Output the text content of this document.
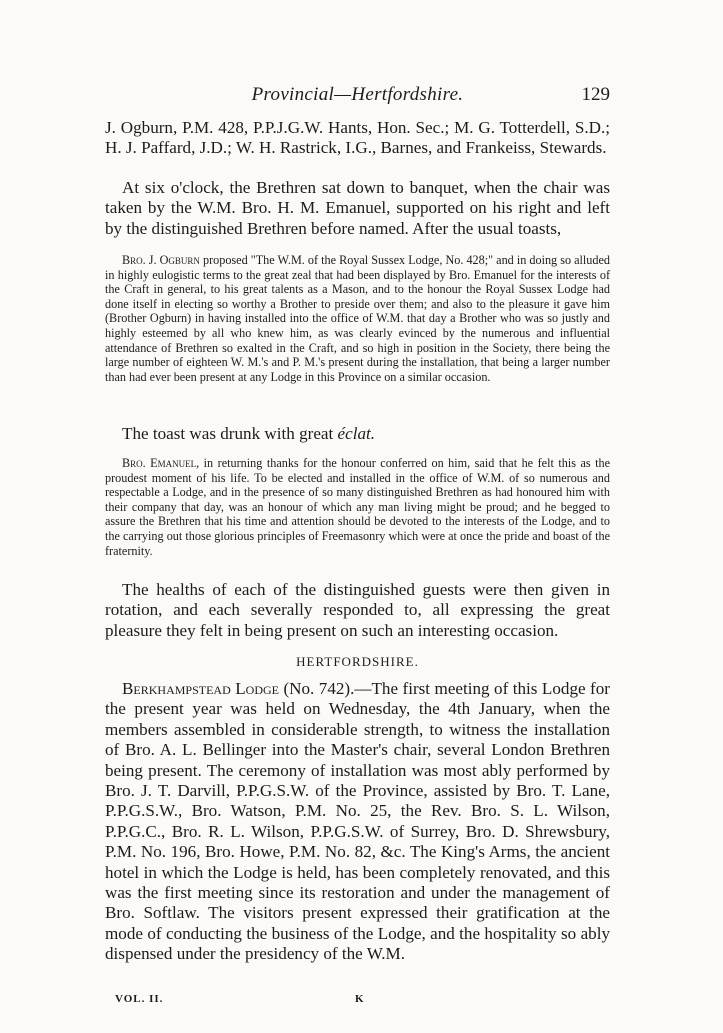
Provincial—Hertfordshire.	129

J. Ogburn, P.M. 428, P.P.J.G.W. Hants, Hon. Sec.; M. G. Totterdell, S.D.; H. J. Paffard, J.D.; W. H. Rastrick, I.G., Barnes, and Frankeiss, Stewards.

At six o'clock, the Brethren sat down to banquet, when the chair was taken by the W.M. Bro. H. M. Emanuel, supported on his right and left by the distinguished Brethren before named. After the usual toasts,

Bro. J. Ogburn proposed "The W.M. of the Royal Sussex Lodge, No. 428;" and in doing so alluded in highly eulogistic terms to the great zeal that had been displayed by Bro. Emanuel for the interests of the Craft in general, to his great talents as a Mason, and to the honour the Royal Sussex Lodge had done itself in electing so worthy a Brother to preside over them; and also to the pleasure it gave him (Brother Ogburn) in having installed into the office of W.M. that day a Brother who was so justly and highly esteemed by all who knew him, as was clearly evinced by the numerous and influential attendance of Brethren so exalted in the Craft, and so high in position in the Society, there being the large number of eighteen W. M.'s and P. M.'s present during the installation, that being a larger number than had ever been present at any Lodge in this Province on a similar occasion.

The toast was drunk with great éclat.

Bro. Emanuel, in returning thanks for the honour conferred on him, said that he felt this as the proudest moment of his life. To be elected and installed in the office of W.M. of so numerous and respectable a Lodge, and in the presence of so many distinguished Brethren as had honoured him with their company that day, was an honour of which any man living might be proud; and he begged to assure the Brethren that his time and attention should be devoted to the interests of the Lodge, and to the carrying out those glorious principles of Freemasonry which were at once the pride and boast of the fraternity.

The healths of each of the distinguished guests were then given in rotation, and each severally responded to, all expressing the great pleasure they felt in being present on such an interesting occasion.

HERTFORDSHIRE.

Berkhampstead Lodge (No. 742).—The first meeting of this Lodge for the present year was held on Wednesday, the 4th January, when the members assembled in considerable strength, to witness the installation of Bro. A. L. Bellinger into the Master's chair, several London Brethren being present. The ceremony of installation was most ably performed by Bro. J. T. Darvill, P.P.G.S.W. of the Province, assisted by Bro. T. Lane, P.P.G.S.W., Bro. Watson, P.M. No. 25, the Rev. Bro. S. L. Wilson, P.P.G.C., Bro. R. L. Wilson, P.P.G.S.W. of Surrey, Bro. D. Shrewsbury, P.M. No. 196, Bro. Howe, P.M. No. 82, &c. The King's Arms, the ancient hotel in which the Lodge is held, has been completely renovated, and this was the first meeting since its restoration and under the management of Bro. Softlaw. The visitors present expressed their gratification at the mode of conducting the business of the Lodge, and the hospitality so ably dispensed under the presidency of the W.M.

VOL. II.	K
